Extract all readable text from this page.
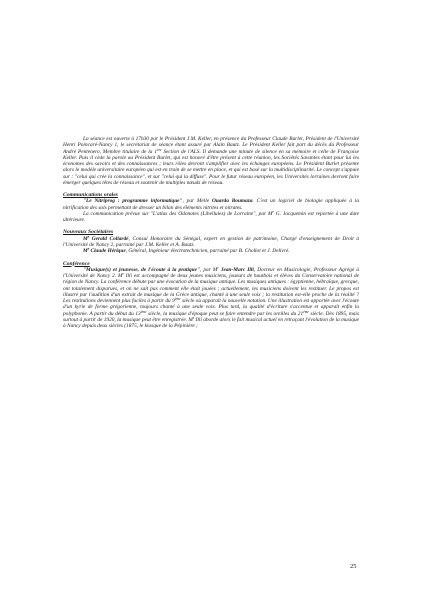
La séance est ouverte à 17h30 par le Président J.M. Keller, en présence du Professeur Claude Burlet, Président de l'Université Henri Poincaré-Nancy 1, le secrétariat de séance étant assuré par Alain Bautz. Le Président Keller fait part du décès du Professeur André Pentenero, Membre titulaire de la 1ère Section de l'ALS. Il demande une minute de silence en sa mémoire et celle de Françoise Keller. Puis il cède la parole au Président Burlet, qui est honoré d'être présent à cette réunion, les Sociétés Savantes étant pour lui les économes des savoirs et des connaissances ; leurs rôles devront s'amplifier avec les échanges européens. Le Président Burlet présente alors le modèle universitaire européen qui est en train de se mettre en place, et qui est basé sur la multidisciplinarité. Le concept s'appuie sur : "celui qui crée la connaissance", et sur "celui qui la diffuse". Pour le futur réseau européen, les Universités lorraines devront faire émerger quelques têtes de réseau et soutenir de multiples nœuds de réseau.

Communications orales

"Le Nitriprog : programme informatique", par Melle Ouarda Boumaza. C'est un logiciel de biologie appliquée à la nitrification des sols permettant de dresser un bilan des éléments nitrites et nitrates.

La communication prévue sur "L'atlas des Odonates (Libellules) de Lorraine", par $M^r$ G. Jacquemin est reportée à une date ultérieure.

Nouveaux Sociétaires

$M^r$ Gerald Collardé, Consul Honoraire du Sénégal, expert en gestion de patrimoine, Chargé d'enseignement de Droit à l'Université de Nancy 2, parrainé par J.M. Keller et A. Bautz.

$M^r$ Claude Hérique, Général, Ingénieur électrotechnicien, parrainé par B. Chollot et J. Delivré.

Conférence

"Musique(s) et jeunesse, de l'écoute à la pratique", par $M^r$ Jean-Marc Illi, Docteur en Musicologie, Professeur Agrégé à l'Université de Nancy 2. $M^r$ Illi est accompagné de deux jeunes musiciens, joueurs de hautbois et élèves du Conservatoire national de région de Nancy. La conférence débute par une évocation de la musique antique. Les musiques antiques : égyptienne, hébraïque, grecque, ont totalement disparues, et on ne sait pas comment elle était jouées ; actuellement, les musiciens doivent les restituer. Le propos est illustré par l'audition d'un extrait de musique de la Grèce antique, chanté à une seule voix ; la restitution est-elle proche de la réalité ? Les restitutions deviennent plus faciles à partir du 9ème siècle où apparaît la nouvelle notation. Une illustration est apportée avec l'écoute d'un kyrie de forme grégorienne, toujours chanté à une seule voix. Plus tard, la qualité d'écriture s'accentue et apparaît enfin la polyphonie. A partir du début du 13ème siècle, la musique d'époque peut se faire entendre par les oreilles du 21ème siècle. Dès 1895, mais surtout à partir de 1920, la musique peut être enregistrée. $M^r$ Illi aborde alors le fait musical actuel en retraçant l'évolution de la musique à Nancy depuis deux siècles (1875, le kiosque de la Pépinière ;

25
